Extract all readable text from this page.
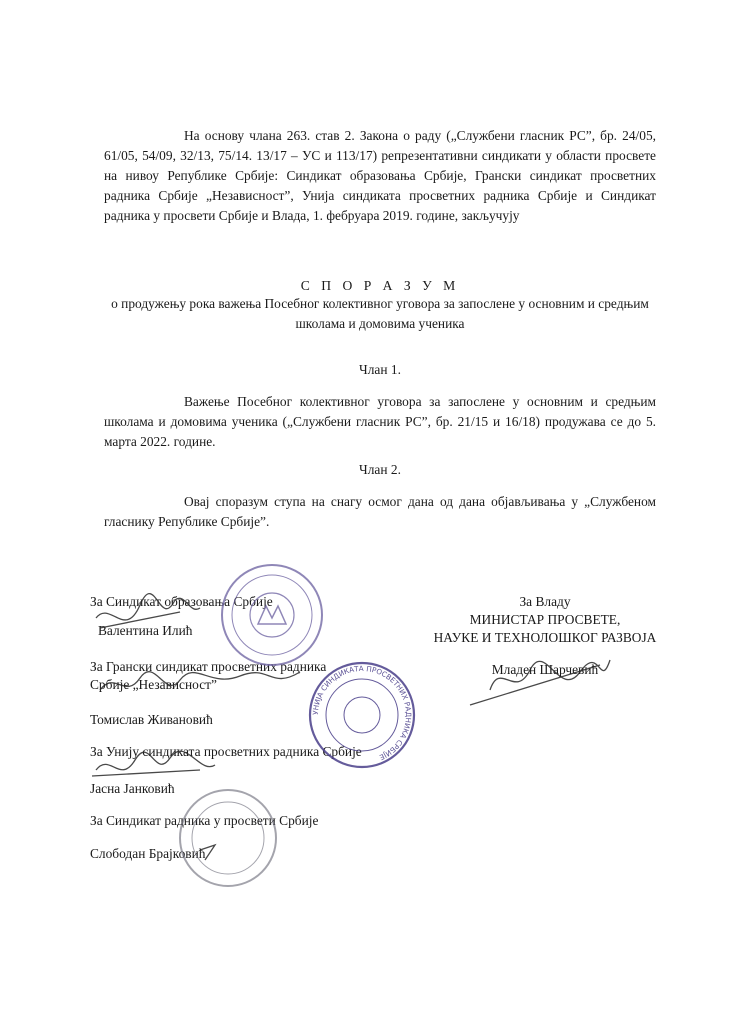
На основу члана 263. став 2. Закона о раду („Службени гласник РС”, бр. 24/05, 61/05, 54/09, 32/13, 75/14. 13/17 – УС и 113/17) репрезентативни синдикати у области просвете на нивоу Републике Србије: Синдикат образовања Србије, Грански синдикат просветних радника Србије „Независност”, Унија синдиката просветних радника Србије и Синдикат радника у просвети Србије и Влада, 1. фебруара 2019. године, закључују

С П О Р А З У М

о продужењу рока важења Посебног колективног уговора за запослене у основним и средњим школама и домовима ученика

Члан 1.

Важење Посебног колективног уговора за запослене у основним и средњим школама и домовима ученика („Службени гласник РС”, бр. 21/15 и 16/18) продужава се до 5. марта 2022. године.

Члан 2.

Овај споразум ступа на снагу осмог дана од дана објављивања у „Службеном гласнику Републике Србије”.

За Синдикат образовања Србије

Валентина Илић

За Грански синдикат просветних радника

Србије „Независност”

Томислав Живановић

За Унију синдиката просветних радника Србије

Јасна Јанковић

За Синдикат радника у просвети Србије

Слободан Брајковић

За Владу
МИНИСТАР ПРОСВЕТЕ,
НАУКЕ И ТЕХНОЛОШКОГ РАЗВОЈА
Младен Шарчевић
УНИЈА СИНДИКАТА ПРОСВЕТНИХ РАДНИКА СРБИЈЕ
